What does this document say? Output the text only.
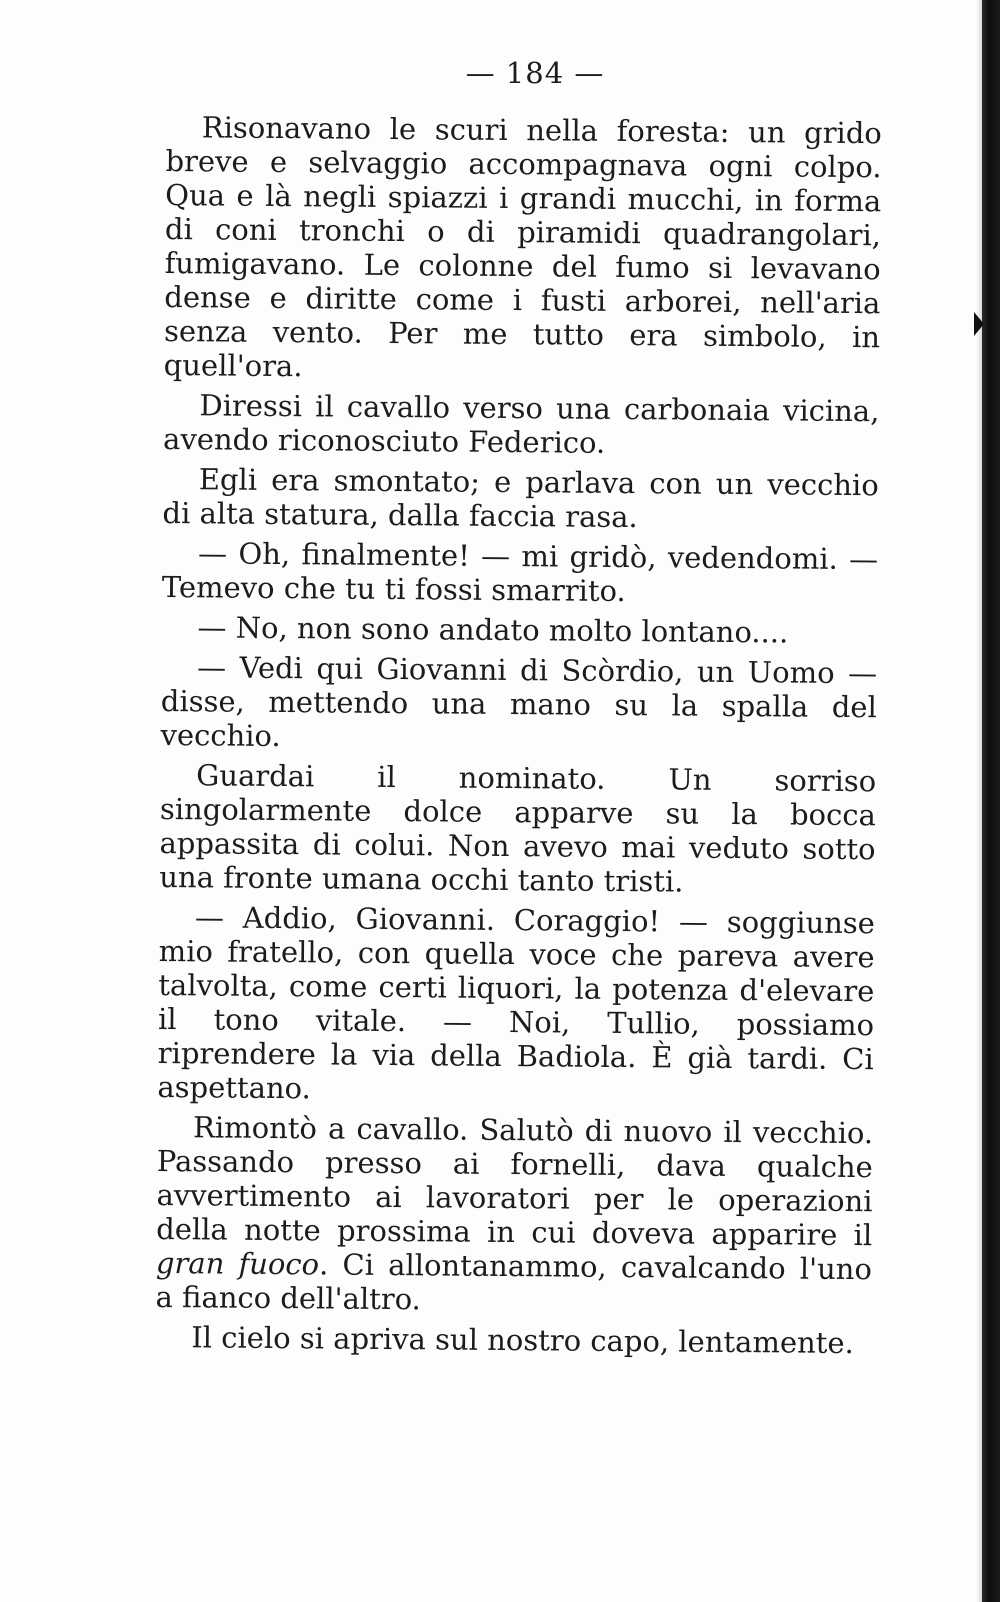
— 184 —

Risonavano le scuri nella foresta: un grido breve e selvaggio accompagnava ogni colpo. Qua e là negli spiazzi i grandi mucchi, in forma di coni tronchi o di piramidi quadrangolari, fumigavano. Le colonne del fumo si levavano dense e diritte come i fusti arborei, nell'aria senza vento. Per me tutto era simbolo, in quell'ora.

Diressi il cavallo verso una carbonaia vicina, avendo riconosciuto Federico.

Egli era smontato; e parlava con un vecchio di alta statura, dalla faccia rasa.

— Oh, finalmente! — mi gridò, vedendomi. — Temevo che tu ti fossi smarrito.

— No, non sono andato molto lontano....

— Vedi qui Giovanni di Scòrdio, un Uomo — disse, mettendo una mano su la spalla del vecchio.

Guardai il nominato. Un sorriso singolarmente dolce apparve su la bocca appassita di colui. Non avevo mai veduto sotto una fronte umana occhi tanto tristi.

— Addio, Giovanni. Coraggio! — soggiunse mio fratello, con quella voce che pareva avere talvolta, come certi liquori, la potenza d'elevare il tono vitale. — Noi, Tullio, possiamo riprendere la via della Badiola. È già tardi. Ci aspettano.

Rimontò a cavallo. Salutò di nuovo il vecchio. Passando presso ai fornelli, dava qualche avvertimento ai lavoratori per le operazioni della notte prossima in cui doveva apparire il gran fuoco. Ci allontanammo, cavalcando l'uno a fianco dell'altro.

Il cielo si apriva sul nostro capo, lentamente.
